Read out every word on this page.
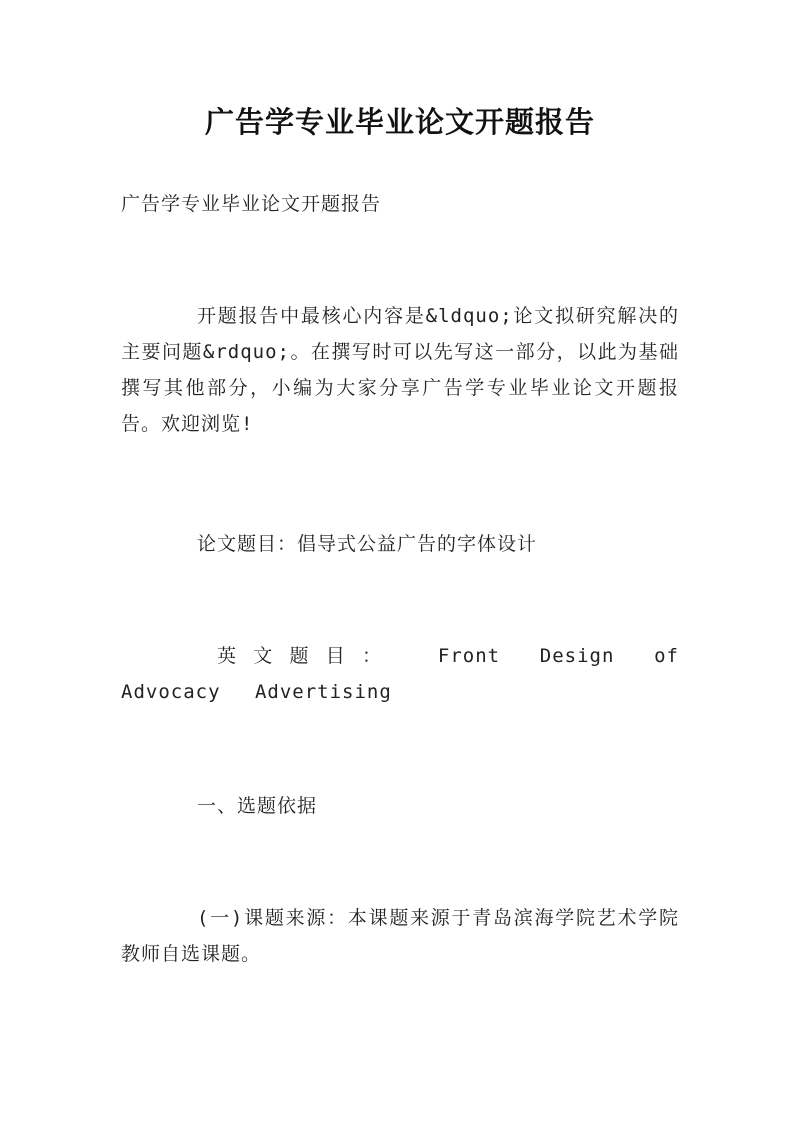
广告学专业毕业论文开题报告
广告学专业毕业论文开题报告
开题报告中最核心内容是&ldquo;论文拟研究解决的主要问题&rdquo;。在撰写时可以先写这一部分，以此为基础撰写其他部分，小编为大家分享广告学专业毕业论文开题报告。欢迎浏览!
论文题目：倡导式公益广告的字体设计
英文题目： Front Design of Advocacy Advertising
一、选题依据
(一)课题来源：本课题来源于青岛滨海学院艺术学院教师自选课题。
